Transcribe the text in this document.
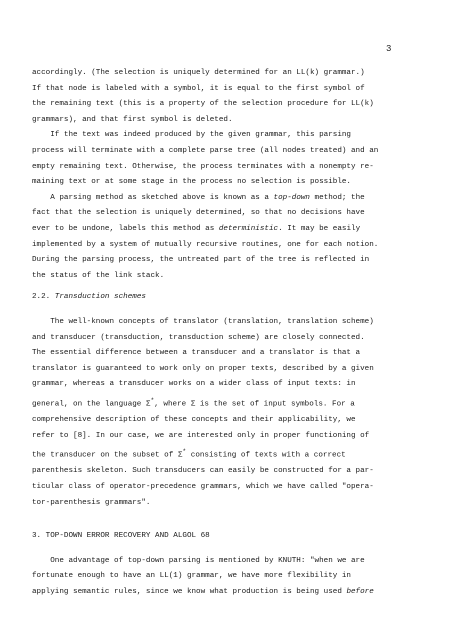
3

accordingly. (The selection is uniquely determined for an LL(k) grammar.)

If that node is labeled with a symbol, it is equal to the first symbol of

the remaining text (this is a property of the selection procedure for LL(k)

grammars), and that first symbol is deleted.

If the text was indeed produced by the given grammar, this parsing

process will terminate with a complete parse tree (all nodes treated) and an

empty remaining text. Otherwise, the process terminates with a nonempty re-

maining text or at some stage in the process no selection is possible.

A parsing method as sketched above is known as a top-down method; the

fact that the selection is uniquely determined, so that no decisions have

ever to be undone, labels this method as deterministic. It may be easily

implemented by a system of mutually recursive routines, one for each notion.

During the parsing process, the untreated part of the tree is reflected in

the status of the link stack.

2.2. Transduction schemes

The well-known concepts of translator (translation, translation scheme)

and transducer (transduction, transduction scheme) are closely connected.

The essential difference between a transducer and a translator is that a

translator is guaranteed to work only on proper texts, described by a given

grammar, whereas a transducer works on a wider class of input texts: in

general, on the language Σ*, where Σ is the set of input symbols. For a

comprehensive description of these concepts and their applicability, we

refer to [8]. In our case, we are interested only in proper functioning of

the transducer on the subset of Σ* consisting of texts with a correct

parenthesis skeleton. Such transducers can easily be constructed for a par-

ticular class of operator-precedence grammars, which we have called "opera-

tor-parenthesis grammars".

3. TOP-DOWN ERROR RECOVERY AND ALGOL 68

One advantage of top-down parsing is mentioned by KNUTH: "when we are

fortunate enough to have an LL(1) grammar, we have more flexibility in

applying semantic rules, since we know what production is being used before
